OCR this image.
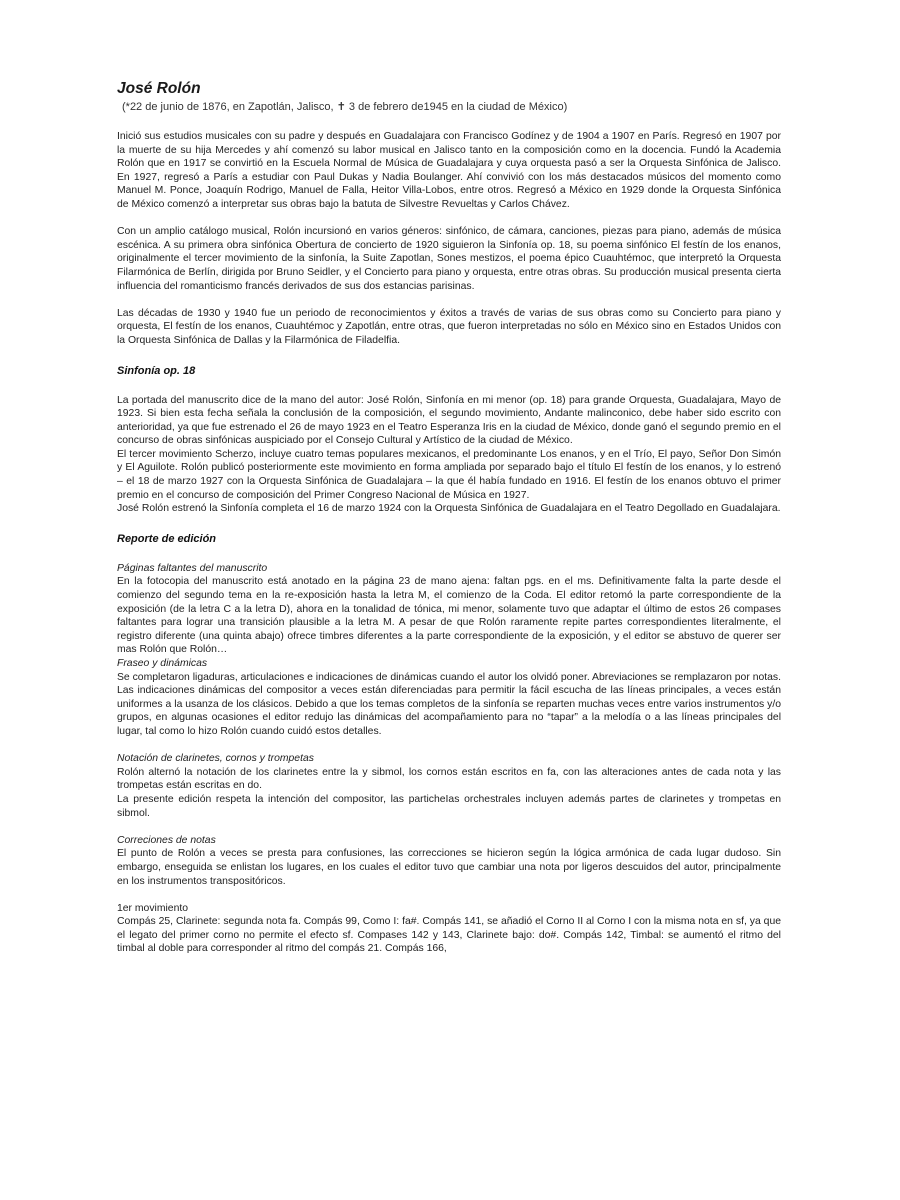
José Rolón
(*22 de junio de 1876, en Zapotlán, Jalisco, ✝ 3 de febrero de1945 en la ciudad de México)

Inició sus estudios musicales con su padre y después en Guadalajara con Francisco Godínez y de 1904 a 1907 en París. Regresó en 1907 por la muerte de su hija Mercedes y ahí comenzó su labor musical en Jalisco tanto en la composición como en la docencia. Fundó la Academia Rolón que en 1917 se convirtió en la Escuela Normal de Música de Guadalajara y cuya orquesta pasó a ser la Orquesta Sinfónica de Jalisco. En 1927, regresó a París a estudiar con Paul Dukas y Nadia Boulanger. Ahí convivió con los más destacados músicos del momento como Manuel M. Ponce, Joaquín Rodrigo, Manuel de Falla, Heitor Villa-Lobos, entre otros. Regresó a México en 1929 donde la Orquesta Sinfónica de México comenzó a interpretar sus obras bajo la batuta de Silvestre Revueltas y Carlos Chávez.

Con un amplio catálogo musical, Rolón incursionó en varios géneros: sinfónico, de cámara, canciones, piezas para piano, además de música escénica. A su primera obra sinfónica Obertura de concierto de 1920 siguieron la Sinfonía op. 18, su poema sinfónico El festín de los enanos, originalmente el tercer movimiento de la sinfonía, la Suite Zapotlan, Sones mestizos, el poema épico Cuauhtémoc, que interpretó la Orquesta Filarmónica de Berlín, dirigida por Bruno Seidler, y el Concierto para piano y orquesta, entre otras obras. Su producción musical presenta cierta influencia del romanticismo francés derivados de sus dos estancias parisinas.

Las décadas de 1930 y 1940 fue un periodo de reconocimientos y éxitos a través de varias de sus obras como su Concierto para piano y orquesta, El festín de los enanos, Cuauhtémoc y Zapotlán, entre otras, que fueron interpretadas no sólo en México sino en Estados Unidos con la Orquesta Sinfónica de Dallas y la Filarmónica de Filadelfia.

Sinfonía op. 18

La portada del manuscrito dice de la mano del autor: José Rolón, Sinfonía en mi menor (op. 18) para grande Orquesta, Guadalajara, Mayo de 1923. Si bien esta fecha señala la conclusión de la composición, el segundo movimiento, Andante malinconico, debe haber sido escrito con anterioridad, ya que fue estrenado el 26 de mayo 1923 en el Teatro Esperanza Iris en la ciudad de México, donde ganó el segundo premio en el concurso de obras sinfónicas auspiciado por el Consejo Cultural y Artístico de la ciudad de México.

El tercer movimiento Scherzo, incluye cuatro temas populares mexicanos, el predominante Los enanos, y en el Trío, El payo, Señor Don Simón y El Aguilote. Rolón publicó posteriormente este movimiento en forma ampliada por separado bajo el título El festín de los enanos, y lo estrenó – el 18 de marzo 1927 con la Orquesta Sinfónica de Guadalajara – la que él había fundado en 1916. El festín de los enanos obtuvo el primer premio en el concurso de composición del Primer Congreso Nacional de Música en 1927.

José Rolón estrenó la Sinfonía completa el 16 de marzo 1924 con la Orquesta Sinfónica de Guadalajara en el Teatro Degollado en Guadalajara.

Reporte de edición
Páginas faltantes del manuscrito

En la fotocopia del manuscrito está anotado en la página 23 de mano ajena: faltan pgs. en el ms. Definitivamente falta la parte desde el comienzo del segundo tema en la re-exposición hasta la letra M, el comienzo de la Coda. El editor retomó la parte correspondiente de la exposición (de la letra C a la letra D), ahora en la tonalidad de tónica, mi menor, solamente tuvo que adaptar el último de estos 26 compases faltantes para lograr una transición plausible a la letra M. A pesar de que Rolón raramente repite partes correspondientes literalmente, el registro diferente (una quinta abajo) ofrece timbres diferentes a la parte correspondiente de la exposición, y el editor se abstuvo de querer ser mas Rolón que Rolón…

Fraseo y dinámicas

Se completaron ligaduras, articulaciones e indicaciones de dinámicas cuando el autor los olvidó poner. Abreviaciones se remplazaron por notas. Las indicaciones dinámicas del compositor a veces están diferenciadas para permitir la fácil escucha de las líneas principales, a veces están uniformes a la usanza de los clásicos. Debido a que los temas completos de la sinfonía se reparten muchas veces entre varios instrumentos y/o grupos, en algunas ocasiones el editor redujo las dinámicas del acompañamiento para no “tapar” a la melodía o a las líneas principales del lugar, tal como lo hizo Rolón cuando cuidó estos detalles.

Notación de clarinetes, cornos y trompetas

Rolón alternó la notación de los clarinetes entre la y sibmol, los cornos están escritos en fa, con las alteraciones antes de cada nota y las trompetas están escritas en do.

La presente edición respeta la intención del compositor, las particheIas orchestrales incluyen además partes de clarinetes y trompetas en sibmol.

Correciones de notas

El punto de Rolón a veces se presta para confusiones, las correcciones se hicieron según la lógica armónica de cada lugar dudoso. Sin embargo, enseguida se enlistan los lugares, en los cuales el editor tuvo que cambiar una nota por ligeros descuidos del autor, principalmente en los instrumentos transpositóricos.

1er movimiento

Compás 25, Clarinete: segunda nota fa. Compás 99, Como I: fa#. Compás 141, se añadió el Corno II al Corno I con la misma nota en sf, ya que el legato del primer corno no permite el efecto sf. Compases 142 y 143, Clarinete bajo: do#. Compás 142, Timbal: se aumentó el ritmo del timbal al doble para corresponder al ritmo del compás 21. Compás 166,
